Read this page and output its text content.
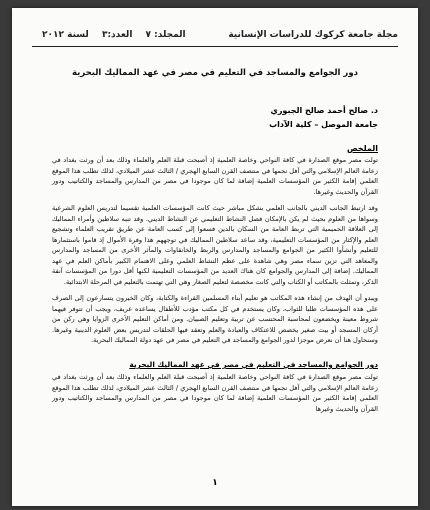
مجلة جامعة كركوك للدراسات الإنسانية
المجلد: ٧ العدد:٣ لسنة ٢٠١٢
دور الجوامع والمساجد في التعليم في مصر في عهد المماليك البحرية
د. صالح أحمد صالح الجبوري
جامعة الموصل – كلية الآداب
الملخص

تولت مصر موقع الصدارة في كافة النواحي وخاصة العلمية إذ أصبحت قبلة العلم والعلماء وذلك بعد أن ورثت بغداد في زعامة العالم الإسلامي والتي آفل نجمها في منتصف القرن السابع الهجري / الثالث عشر الميلادي، لذلك تطلب هذا الموقع العلمي إقامة الكثير من المؤسسات العلمية إضافة لما كان موجودا في مصر من المدارس والمساجد والكتاتيب ودور القرآن والحديث وغيرها.

وقد ارتبط الجانب الديني بالجانب العلمي بشكل مباشر حيث كانت المؤسسات العلمية تقسيما لتدريس العلوم الشرعية وسواها من العلوم بحيث لم يكن بالإمكان فصل النشاط التعليمي عن النشاط الديني. وقد تنبه سلاطين وأمراء المماليك إلى العلاقة الحميمية التي تربط العامة من السكان بالدين فسعوا إلى كسب العامة عن طريق تقريب العلماء وتشجيع العلم والإكثار من المؤسسات التعليمية، وقد ساعد سلاطين المماليك في توجههم هذا وفرة الأموال إذ قاموا باستثمارها للتعليم وأنشأوا الكثير من الجوامع والمساجد والمدارس والربط والخانقاوات والمآثر الأخرى من المساجد والمدارس والمعاهد التي تزين سماء مصر وهي شاهدة على عظم النشاط العلمي وعلى الاهتمام الكبير بأماكن العلم في عهد المماليك. إضافة إلى المدارس والجوامع كان هناك العديد من المؤسسات التعليمية لكنها أقل دورا من المؤسسات آنفة الذكر، وتمثلت بالمكاتب أو الكتاب والتي كانت مخصصة لتعليم الصغار وهي التي تهتمت بالتعليم في المرحلة الابتدائية.

ويبدو أن الهدف من إنشاء هذه المكاتب هو تعليم أبناء المسلمين القراءة والكتابة، وكان الخيرون يتسارعون إلى الصرف على هذه المؤسسات طلبا للثواب، وكان يستخدم في كل مكتب مؤدب للأطفال يساعده عريف، ويجب أن تتوفر فيهما شروط معينة ويخضعون لمحاسبة المحتسب عن تربية وتعليم الصبيان. ومن أماكن التعليم الأخرى الزوايا وهي ركن من أركان المسجد أو بيت صغير يخصص للاعتكاف والعبادة والعلم وتعقد فيها الحلقات لتدريس بعض العلوم الدينية وغيرها. وسنحاول هنا أن نعرض موجزا لدور الجوامع والمساجد في التعليم في مصر في عهد دولة المماليك البحرية.

دور الجوامع والمساجد في التعليم في مصر في عهد المماليك البحرية

تولت مصر موقع الصدارة في كافة النواحي وخاصة العلمية إذ أصبحت قبلة العلم والعلماء وذلك بعد أن ورثت بغداد في زعامة العالم الإسلامي والتي آفل نجمها في منتصف القرن السابع الهجري / الثالث عشر الميلادي، لذلك تطلب هذا الموقع العلمي إقامة الكثير من المؤسسات العلمية إضافة لما كان موجودا في مصر من المدارس والمساجد والكتاتيب ودور القرآن والحديث وغيرها

١
